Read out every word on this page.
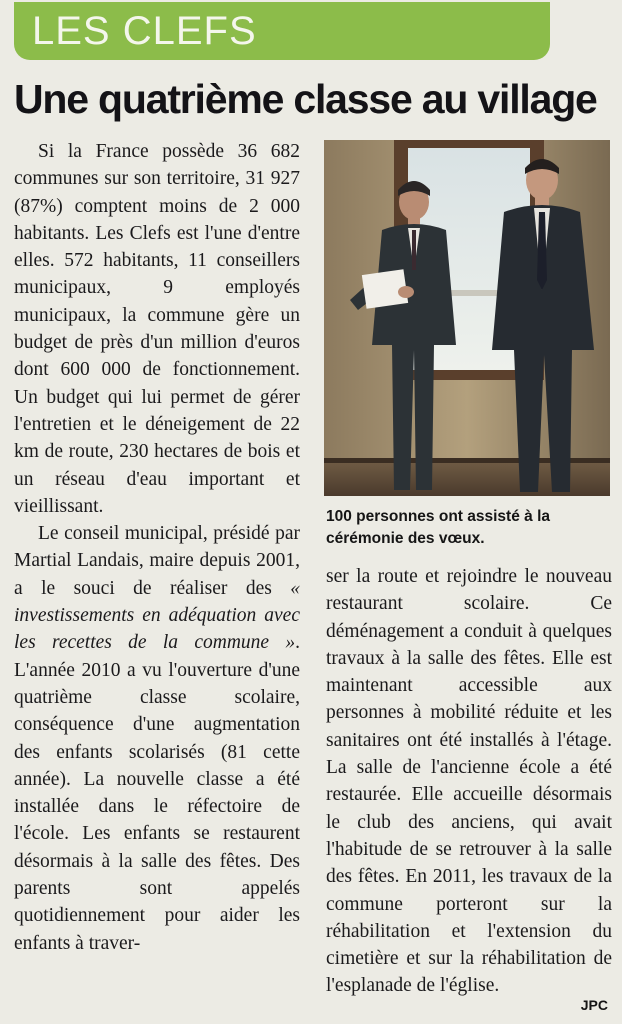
LES CLEFS
Une quatrième classe au village

Si la France possède 36 682 communes sur son territoire, 31 927 (87%) comptent moins de 2 000 habitants. Les Clefs est l'une d'entre elles. 572 habitants, 11 conseillers municipaux, 9 employés municipaux, la commune gère un budget de près d'un million d'euros dont 600 000 de fonctionnement. Un budget qui lui permet de gérer l'entretien et le déneigement de 22 km de route, 230 hectares de bois et un réseau d'eau important et vieillissant.

Le conseil municipal, présidé par Martial Landais, maire depuis 2001, a le souci de réaliser des « investissements en adéquation avec les recettes de la commune ». L'année 2010 a vu l'ouverture d'une quatrième classe scolaire, conséquence d'une augmentation des enfants scolarisés (81 cette année). La nouvelle classe a été installée dans le réfectoire de l'école. Les enfants se restaurent désormais à la salle des fêtes. Des parents sont appelés quotidiennement pour aider les enfants à traver-

100 personnes ont assisté à la cérémonie des vœux.

ser la route et rejoindre le nouveau restaurant scolaire. Ce déménagement a conduit à quelques travaux à la salle des fêtes. Elle est maintenant accessible aux personnes à mobilité réduite et les sanitaires ont été installés à l'étage. La salle de l'ancienne école a été restaurée. Elle accueille désormais le club des anciens, qui avait l'habitude de se retrouver à la salle des fêtes. En 2011, les travaux de la commune porteront sur la réhabilitation et l'extension du cimetière et sur la réhabilitation de l'esplanade de l'église.

JPC
